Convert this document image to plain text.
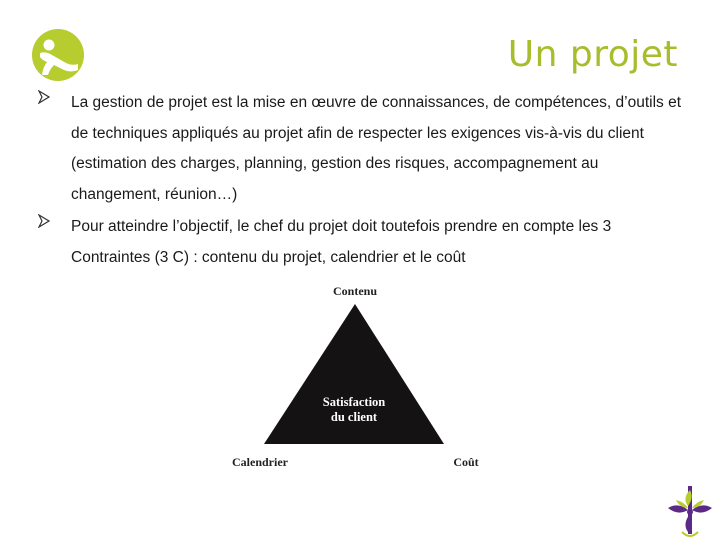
Un projet
La gestion de projet est la mise en œuvre de connaissances, de compétences, d’outils et de techniques appliqués au projet afin de respecter les exigences vis-à-vis du client (estimation des charges, planning, gestion des risques, accompagnement au changement, réunion…)
Pour atteindre l’objectif, le chef du projet doit toutefois prendre en compte les 3 Contraintes (3 C) : contenu du projet, calendrier et le coût
Contenu
Satisfaction
du client
Calendrier	Coût
